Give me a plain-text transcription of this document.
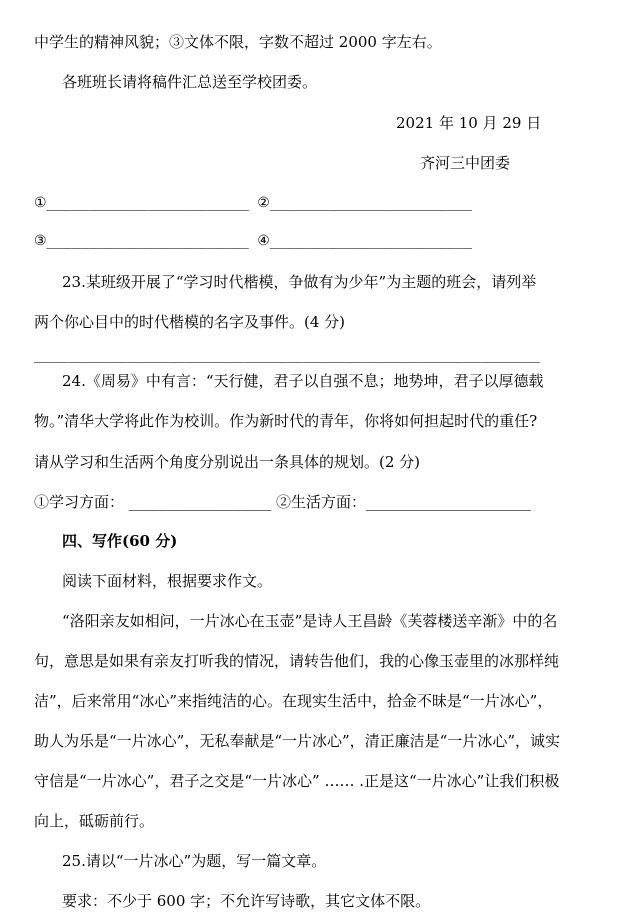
中学生的精神风貌；③文体不限，字数不超过 2000 字左右。
各班班长请将稿件汇总送至学校团委。
2021 年 10 月 29 日
齐河三中团委
①________________________ ②________________________
③________________________ ④________________________
23.某班级开展了“学习时代楷模，争做有为少年”为主题的班会，请列举
两个你心目中的时代楷模的名字及事件。(4 分)
____________________________________________________________
24.《周易》中有言：“天行健，君子以自强不息；地势坤，君子以厚德载
物。”清华大学将此作为校训。作为新时代的青年，你将如何担起时代的重任?
请从学习和生活两个角度分别说出一条具体的规划。(2 分)
①学习方面： ___________________ ②生活方面：______________________
四、写作(60 分)
阅读下面材料，根据要求作文。
“洛阳亲友如相问，一片冰心在玉壶”是诗人王昌龄《芙蓉楼送辛渐》中的名
句，意思是如果有亲友打听我的情况，请转告他们，我的心像玉壶里的冰那样纯
洁”，后来常用“冰心”来指纯洁的心。在现实生活中，拾金不昧是“一片冰心”，
助人为乐是“一片冰心”，无私奉献是“一片冰心”，清正廉洁是“一片冰心”，诚实
守信是“一片冰心”，君子之交是“一片冰心” …… .正是这“一片冰心”让我们积极
向上，砥砺前行。
25.请以“一片冰心”为题，写一篇文章。
要求：不少于 600 字；不允许写诗歌，其它文体不限。
